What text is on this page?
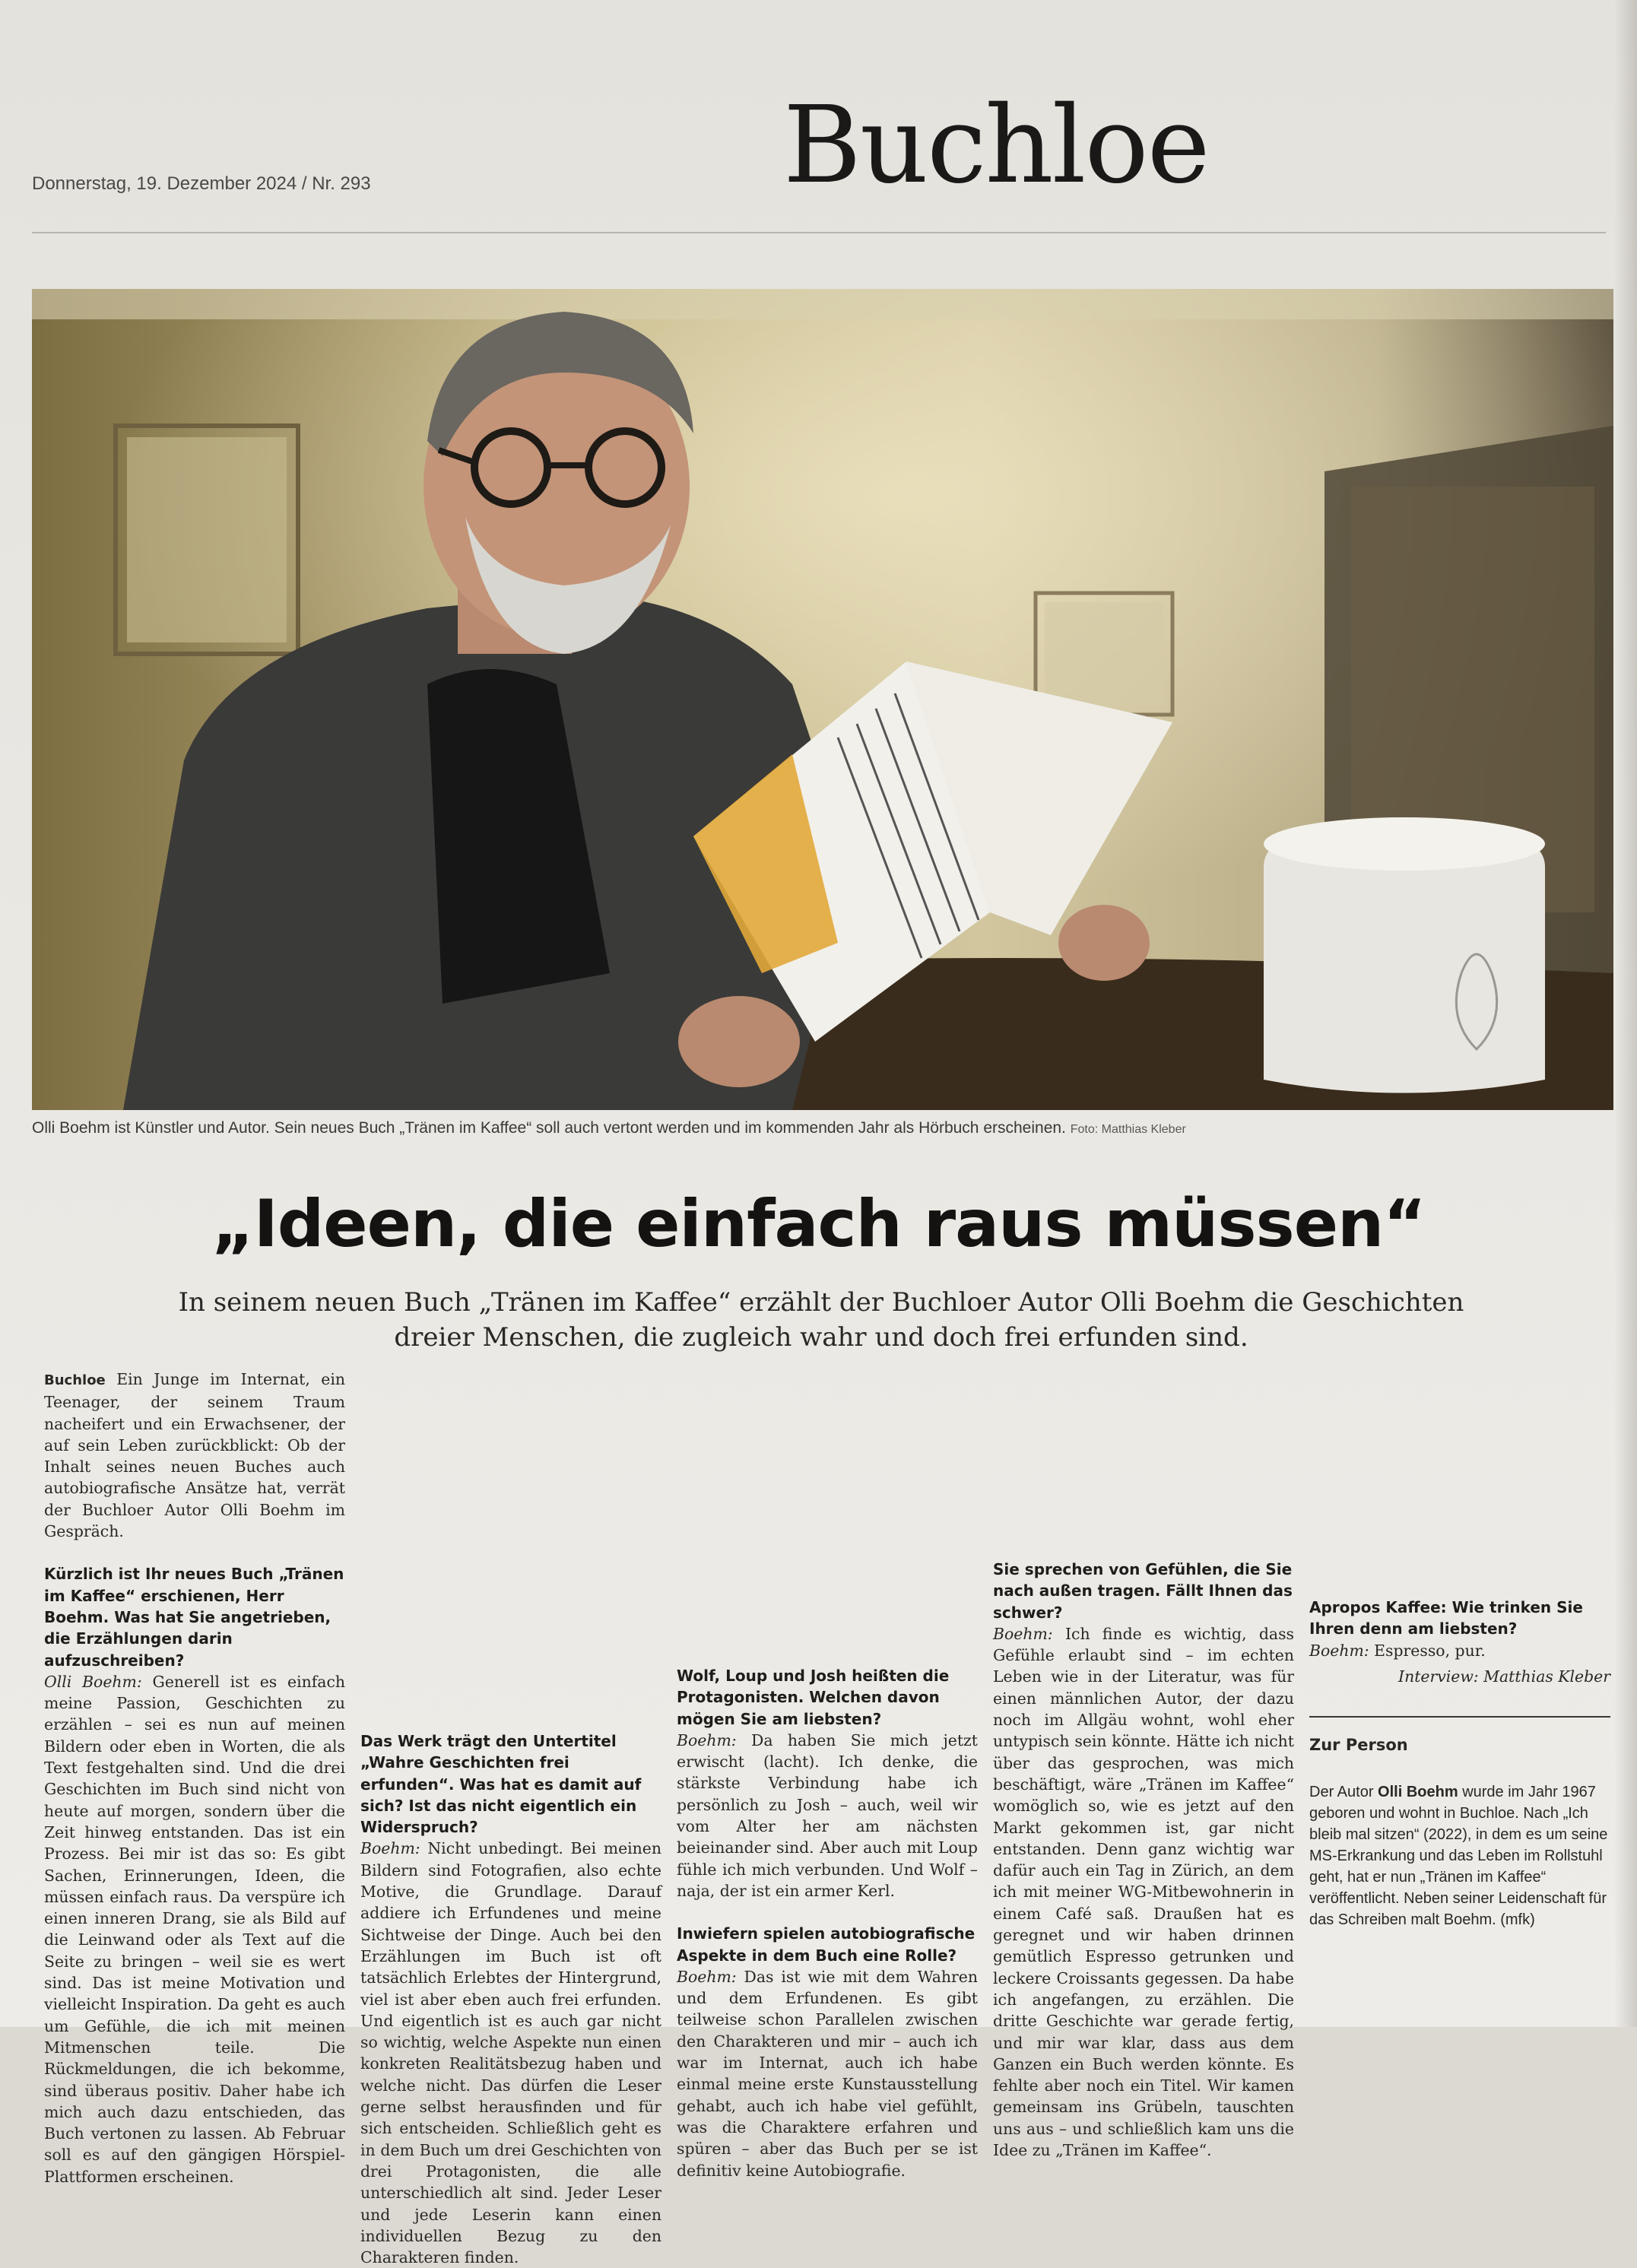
Buchloe
Donnerstag, 19. Dezember 2024 / Nr. 293
Olli Boehm ist Künstler und Autor. Sein neues Buch „Tränen im Kaffee“ soll auch vertont werden und im kommenden Jahr als Hörbuch erscheinen. Foto: Matthias Kleber
„Ideen, die einfach raus müssen“
In seinem neuen Buch „Tränen im Kaffee“ erzählt der Buchloer Autor Olli Boehm die Geschichten dreier Menschen, die zugleich wahr und doch frei erfunden sind.

Buchloe Ein Junge im Internat, ein Teenager, der seinem Traum nacheifert und ein Erwachsener, der auf sein Leben zurückblickt: Ob der Inhalt seines neuen Buches auch autobiografische Ansätze hat, verrät der Buchloer Autor Olli Boehm im Gespräch.

Kürzlich ist Ihr neues Buch „Tränen im Kaffee“ erschienen, Herr Boehm. Was hat Sie angetrieben, die Erzählungen darin aufzuschreiben?

Olli Boehm: Generell ist es einfach meine Passion, Geschichten zu erzählen – sei es nun auf meinen Bildern oder eben in Worten, die als Text festgehalten sind. Und die drei Geschichten im Buch sind nicht von heute auf morgen, sondern über die Zeit hinweg entstanden. Das ist ein Prozess. Bei mir ist das so: Es gibt Sachen, Erinnerungen, Ideen, die müssen einfach raus. Da verspüre ich einen inneren Drang, sie als Bild auf die Leinwand oder als Text auf die Seite zu bringen – weil sie es wert sind. Das ist meine Motivation und vielleicht Inspiration. Da geht es auch um Gefühle, die ich mit meinen Mitmenschen teile. Die Rückmeldungen, die ich bekomme, sind überaus positiv. Daher habe ich mich auch dazu entschieden, das Buch vertonen zu lassen. Ab Februar soll es auf den gängigen Hörspiel-Plattformen erscheinen.

Das Werk trägt den Untertitel „Wahre Geschichten frei erfunden“. Was hat es damit auf sich? Ist das nicht eigentlich ein Widerspruch?

Boehm: Nicht unbedingt. Bei meinen Bildern sind Fotografien, also echte Motive, die Grundlage. Darauf addiere ich Erfundenes und meine Sichtweise der Dinge. Auch bei den Erzählungen im Buch ist oft tatsächlich Erlebtes der Hintergrund, viel ist aber eben auch frei erfunden. Und eigentlich ist es auch gar nicht so wichtig, welche Aspekte nun einen konkreten Realitätsbezug haben und welche nicht. Das dürfen die Leser gerne selbst herausfinden und für sich entscheiden. Schließlich geht es in dem Buch um drei Geschichten von drei Protagonisten, die alle unterschiedlich alt sind. Jeder Leser und jede Leserin kann einen individuellen Bezug zu den Charakteren finden.

Wolf, Loup und Josh heißten die Protagonisten. Welchen davon mögen Sie am liebsten?

Boehm: Da haben Sie mich jetzt erwischt (lacht). Ich denke, die stärkste Verbindung habe ich persönlich zu Josh – auch, weil wir vom Alter her am nächsten beieinander sind. Aber auch mit Loup fühle ich mich verbunden. Und Wolf – naja, der ist ein armer Kerl.

Inwiefern spielen autobiografische Aspekte in dem Buch eine Rolle?

Boehm: Das ist wie mit dem Wahren und dem Erfundenen. Es gibt teilweise schon Parallelen zwischen den Charakteren und mir – auch ich war im Internat, auch ich habe einmal meine erste Kunstausstellung gehabt, auch ich habe viel gefühlt, was die Charaktere erfahren und spüren – aber das Buch per se ist definitiv keine Autobiografie.

Sie sprechen von Gefühlen, die Sie nach außen tragen. Fällt Ihnen das schwer?

Boehm: Ich finde es wichtig, dass Gefühle erlaubt sind – im echten Leben wie in der Literatur, was für einen männlichen Autor, der dazu noch im Allgäu wohnt, wohl eher untypisch sein könnte. Hätte ich nicht über das gesprochen, was mich beschäftigt, wäre „Tränen im Kaffee“ womöglich so, wie es jetzt auf den Markt gekommen ist, gar nicht entstanden. Denn ganz wichtig war dafür auch ein Tag in Zürich, an dem ich mit meiner WG-Mitbewohnerin in einem Café saß. Draußen hat es geregnet und wir haben drinnen gemütlich Espresso getrunken und leckere Croissants gegessen. Da habe ich angefangen, zu erzählen. Die dritte Geschichte war gerade fertig, und mir war klar, dass aus dem Ganzen ein Buch werden könnte. Es fehlte aber noch ein Titel. Wir kamen gemeinsam ins Grübeln, tauschten uns aus – und schließlich kam uns die Idee zu „Tränen im Kaffee“.

Apropos Kaffee: Wie trinken Sie Ihren denn am liebsten?

Boehm: Espresso, pur.

Interview: Matthias Kleber

Zur Person
Der Autor Olli Boehm wurde im Jahr 1967 geboren und wohnt in Buchloe. Nach „Ich bleib mal sitzen“ (2022), in dem es um seine MS-Erkrankung und das Leben im Rollstuhl geht, hat er nun „Tränen im Kaffee“ veröffentlicht. Neben seiner Leidenschaft für das Schreiben malt Boehm. (mfk)
